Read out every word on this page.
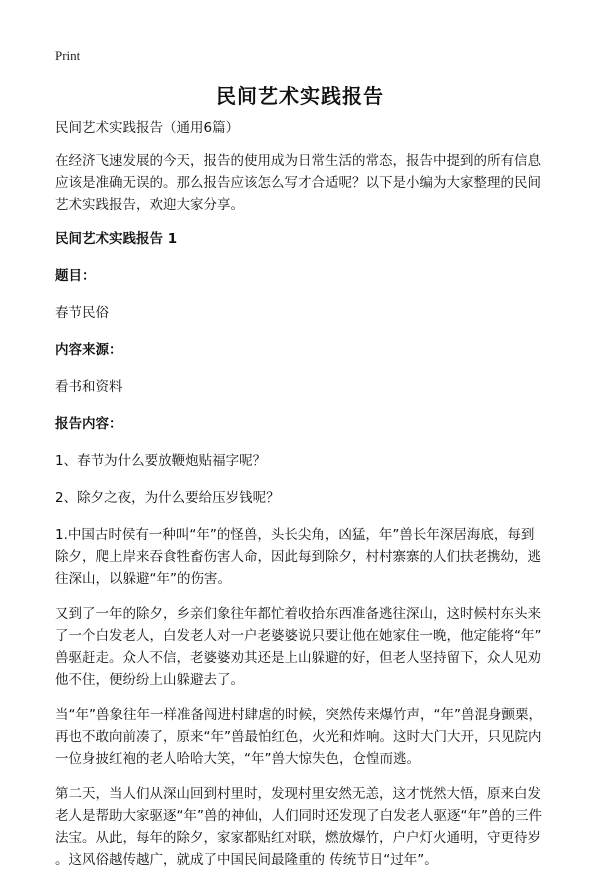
Print
民间艺术实践报告

民间艺术实践报告（通用6篇）

在经济飞速发展的今天，报告的使用成为日常生活的常态，报告中提到的所有信息
应该是准确无误的。那么报告应该怎么写才合适呢？以下是小编为大家整理的民间
艺术实践报告，欢迎大家分享。

民间艺术实践报告 1

题目：

春节民俗

内容来源：

看书和资料

报告内容：

1、春节为什么要放鞭炮贴福字呢？

2、除夕之夜，为什么要给压岁钱呢？

1.中国古时侯有一种叫“年”的怪兽，头长尖角，凶猛，年”兽长年深居海底，每到
除夕，爬上岸来吞食牲畜伤害人命，因此每到除夕，村村寨寨的人们扶老携幼，逃
往深山，以躲避“年”的伤害。

又到了一年的除夕，乡亲们象往年都忙着收拾东西准备逃往深山，这时候村东头来
了一个白发老人，白发老人对一户老婆婆说只要让他在她家住一晚，他定能将“年”
兽驱赶走。众人不信，老婆婆劝其还是上山躲避的好，但老人坚持留下，众人见劝
他不住，便纷纷上山躲避去了。

当“年”兽象往年一样准备闯进村肆虐的时候，突然传来爆竹声，“年”兽混身颤栗，
再也不敢向前凑了，原来“年”兽最怕红色，火光和炸响。这时大门大开，只见院内
一位身披红袍的老人哈哈大笑，“年”兽大惊失色，仓惶而逃。

第二天，当人们从深山回到村里时，发现村里安然无恙，这才恍然大悟，原来白发
老人是帮助大家驱逐“年”兽的神仙，人们同时还发现了白发老人驱逐“年”兽的三件
法宝。从此，每年的除夕，家家都贴红对联，燃放爆竹，户户灯火通明，守更待岁
。这风俗越传越广，就成了中国民间最隆重的 传统节日“过年”。
